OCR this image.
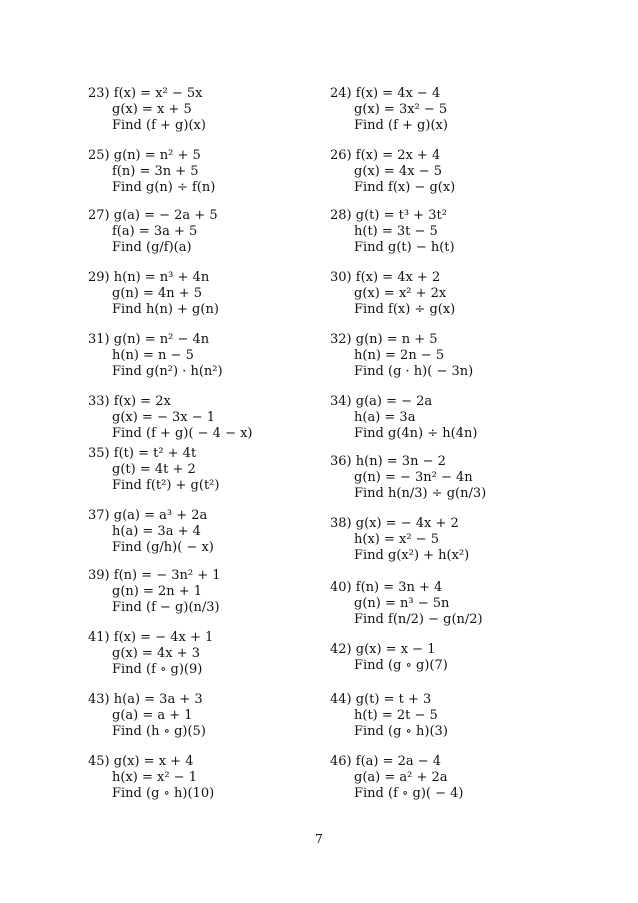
23) f(x) = x² − 5x
g(x) = x + 5
Find (f + g)(x)
25) g(n) = n² + 5
f(n) = 3n + 5
Find g(n) ÷ f(n)
27) g(a) = − 2a + 5
f(a) = 3a + 5
Find (g/f)(a)
29) h(n) = n³ + 4n
g(n) = 4n + 5
Find h(n) + g(n)
31) g(n) = n² − 4n
h(n) = n − 5
Find g(n²) · h(n²)
33) f(x) = 2x
g(x) = − 3x − 1
Find (f + g)( − 4 − x)
35) f(t) = t² + 4t
g(t) = 4t + 2
Find f(t²) + g(t²)
37) g(a) = a³ + 2a
h(a) = 3a + 4
Find (g/h)( − x)
39) f(n) = − 3n² + 1
g(n) = 2n + 1
Find (f − g)(n/3)
41) f(x) = − 4x + 1
g(x) = 4x + 3
Find (f ∘ g)(9)
43) h(a) = 3a + 3
g(a) = a + 1
Find (h ∘ g)(5)
45) g(x) = x + 4
h(x) = x² − 1
Find (g ∘ h)(10)
24) f(x) = 4x − 4
g(x) = 3x² − 5
Find (f + g)(x)
26) f(x) = 2x + 4
g(x) = 4x − 5
Find f(x) − g(x)
28) g(t) = t³ + 3t²
h(t) = 3t − 5
Find g(t) − h(t)
30) f(x) = 4x + 2
g(x) = x² + 2x
Find f(x) ÷ g(x)
32) g(n) = n + 5
h(n) = 2n − 5
Find (g · h)( − 3n)
34) g(a) = − 2a
h(a) = 3a
Find g(4n) ÷ h(4n)
36) h(n) = 3n − 2
g(n) = − 3n² − 4n
Find h(n/3) ÷ g(n/3)
38) g(x) = − 4x + 2
h(x) = x² − 5
Find g(x²) + h(x²)
40) f(n) = 3n + 4
g(n) = n³ − 5n
Find f(n/2) − g(n/2)
42) g(x) = x − 1
Find (g ∘ g)(7)
44) g(t) = t + 3
h(t) = 2t − 5
Find (g ∘ h)(3)
46) f(a) = 2a − 4
g(a) = a² + 2a
Find (f ∘ g)( − 4)
7
